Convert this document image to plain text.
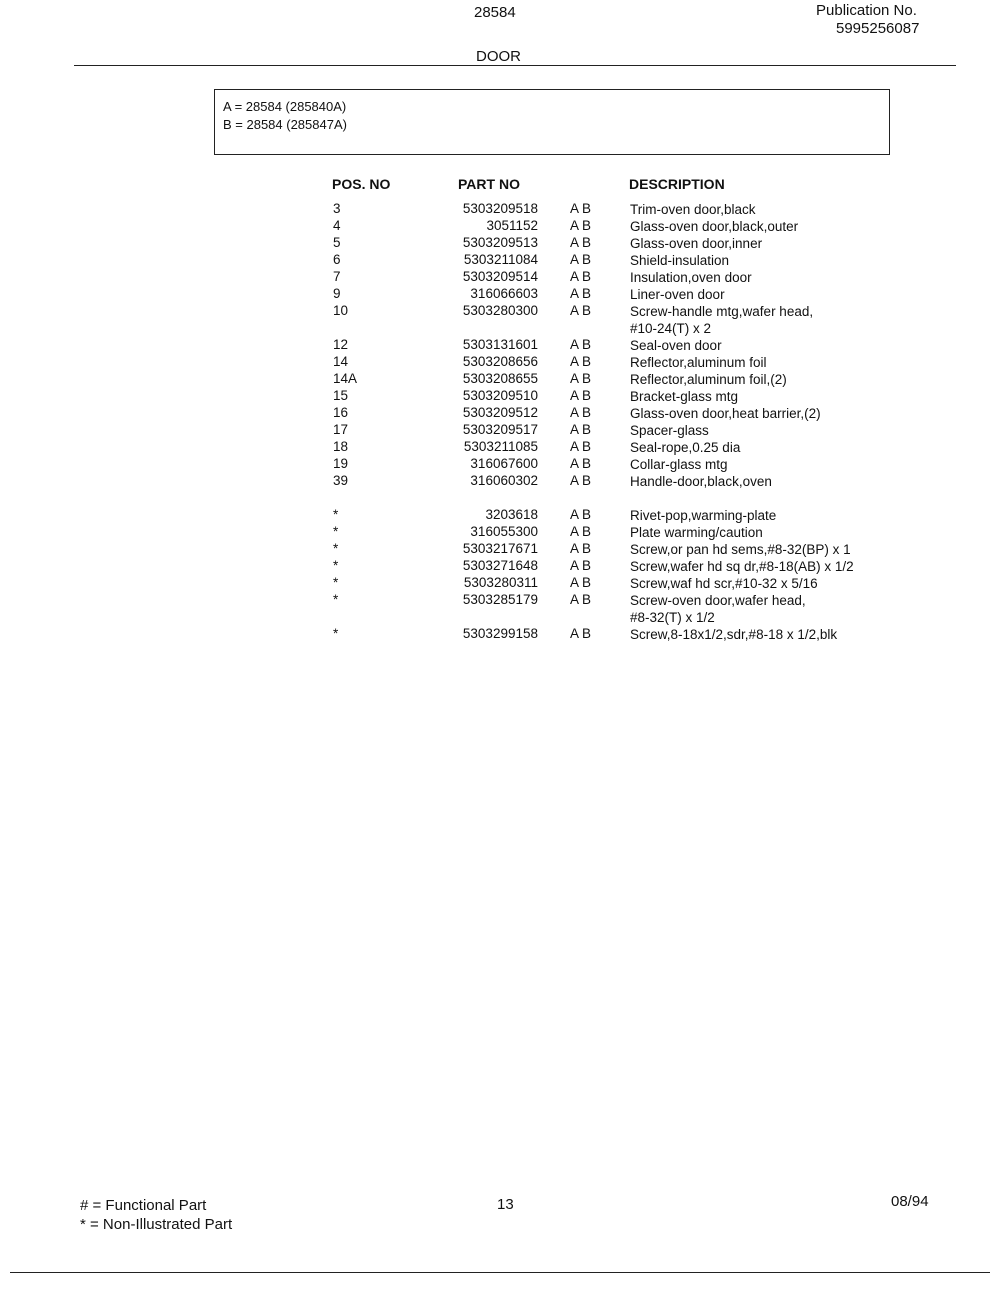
28584	Publication No.
5995256087
DOOR
A = 28584 (285840A)
B = 28584 (285847A)
POS. NO	PART NO	DESCRIPTION
3	5303209518 A B	Trim-oven door,black
4	3051152 A B	Glass-oven door,black,outer
5	5303209513 A B	Glass-oven door,inner
6	5303211084 A B	Shield-insulation
7	5303209514 A B	Insulation,oven door
9	316066603 A B	Liner-oven door
10	5303280300 A B	Screw-handle mtg,wafer head,
#10-24(T) x 2
12	5303131601 A B	Seal-oven door
14	5303208656 A B	Reflector,aluminum foil
14A	5303208655 A B	Reflector,aluminum foil,(2)
15	5303209510 A B	Bracket-glass mtg
16	5303209512 A B	Glass-oven door,heat barrier,(2)
17	5303209517 A B	Spacer-glass
18	5303211085 A B	Seal-rope,0.25 dia
19	316067600 A B	Collar-glass mtg
39	316060302 A B	Handle-door,black,oven
*	3203618 A B	Rivet-pop,warming-plate
*	316055300 A B	Plate warming/caution
*	5303217671 A B	Screw,or pan hd sems,#8-32(BP) x 1
*	5303271648 A B	Screw,wafer hd sq dr,#8-18(AB) x 1/2
*	5303280311 A B	Screw,waf hd scr,#10-32 x 5/16
*	5303285179 A B	Screw-oven door,wafer head,
#8-32(T) x 1/2
*	5303299158 A B	Screw,8-18x1/2,sdr,#8-18 x 1/2,blk
# = Functional Part
* = Non-Illustrated Part
13	08/94
